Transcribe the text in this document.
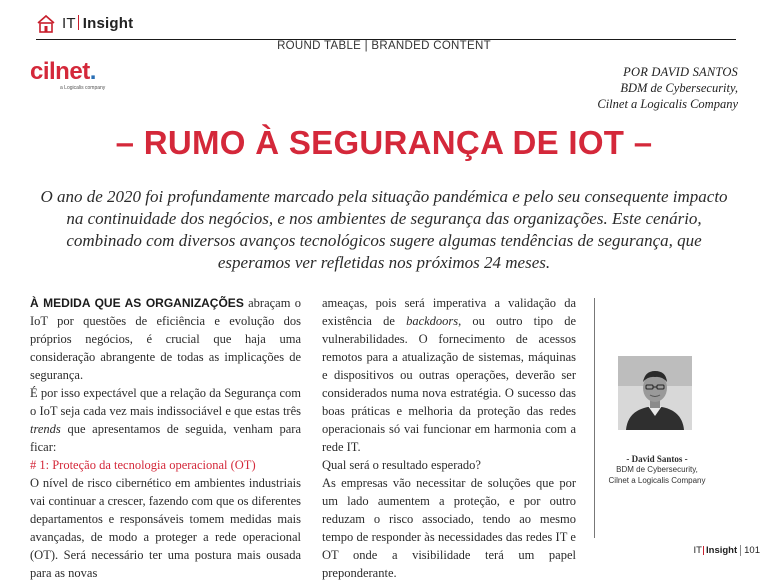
IT Insight
ROUND TABLE | BRANDED CONTENT
cilnet.
a Logicalis company
POR DAVID SANTOS
BDM de Cybersecurity,
Cilnet a Logicalis Company
– RUMO À SEGURANÇA DE IOT –

O ano de 2020 foi profundamente marcado pela situação pandémica e pelo seu consequente impacto na continuidade dos negócios, e nos ambientes de segurança das organizações. Este cenário, combinado com diversos avanços tecnológicos sugere algumas tendências de segurança, que esperamos ver refletidas nos próximos 24 meses.

À MEDIDA QUE AS ORGANIZAÇÕES abraçam o IoT por questões de eficiência e evolução dos próprios negócios, é crucial que haja uma consideração abrangente de todas as implicações de segurança.

É por isso expectável que a relação da Segurança com o IoT seja cada vez mais indissociável e que estas três trends que apresentamos de seguida, venham para ficar:

# 1: Proteção da tecnologia operacional (OT)

O nível de risco cibernético em ambientes industriais vai continuar a crescer, fazendo com que os diferentes departamentos e responsáveis tomem medidas mais avançadas, de modo a proteger a rede operacional (OT). Será necessário ter uma postura mais ousada para as novas

ameaças, pois será imperativa a validação da existência de backdoors, ou outro tipo de vulnerabilidades. O fornecimento de acessos remotos para a atualização de sistemas, máquinas e dispositivos ou outras operações, deverão ser considerados numa nova estratégia. O sucesso das boas práticas e melhoria da proteção das redes operacionais só vai funcionar em harmonia com a rede IT.

Qual será o resultado esperado?

As empresas vão necessitar de soluções que por um lado aumentem a proteção, e por outro reduzam o risco associado, tendo ao mesmo tempo de responder às necessidades das redes IT e OT onde a visibilidade terá um papel preponderante.

- David Santos -
BDM de Cybersecurity,
Cilnet a Logicalis Company
IT Insight 101
